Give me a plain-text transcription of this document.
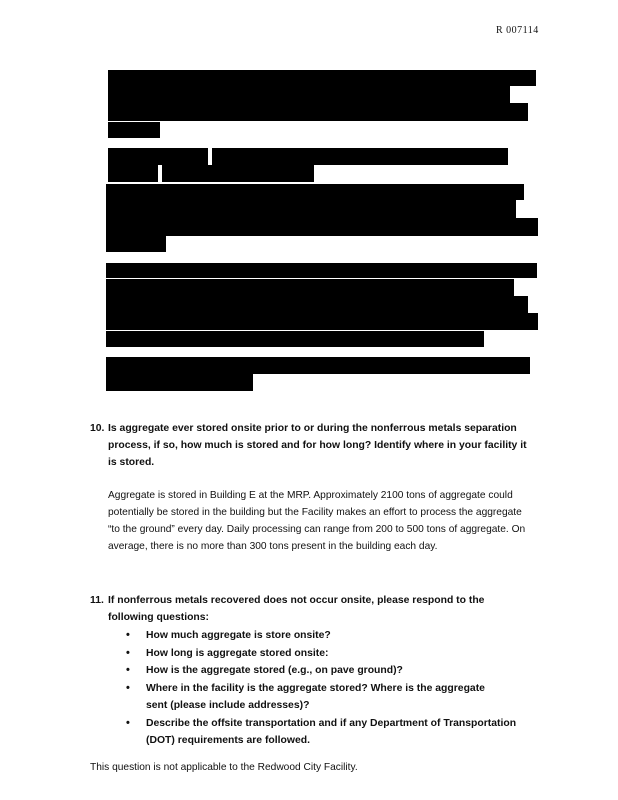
R 007114
10. Is aggregate ever stored onsite prior to or during the nonferrous metals separation process, if so, how much is stored and for how long? Identify where in your facility it is stored.

Aggregate is stored in Building E at the MRP. Approximately 2100 tons of aggregate could potentially be stored in the building but the Facility makes an effort to process the aggregate “to the ground” every day. Daily processing can range from 200 to 500 tons of aggregate. On average, there is no more than 300 tons present in the building each day.

11. If nonferrous metals recovered does not occur onsite, please respond to the following questions:
• How much aggregate is store onsite?
• How long is aggregate stored onsite:
• How is the aggregate stored (e.g., on pave ground)?
• Where in the facility is the aggregate stored? Where is the aggregate sent (please include addresses)?
• Describe the offsite transportation and if any Department of Transportation (DOT) requirements are followed.

This question is not applicable to the Redwood City Facility.
